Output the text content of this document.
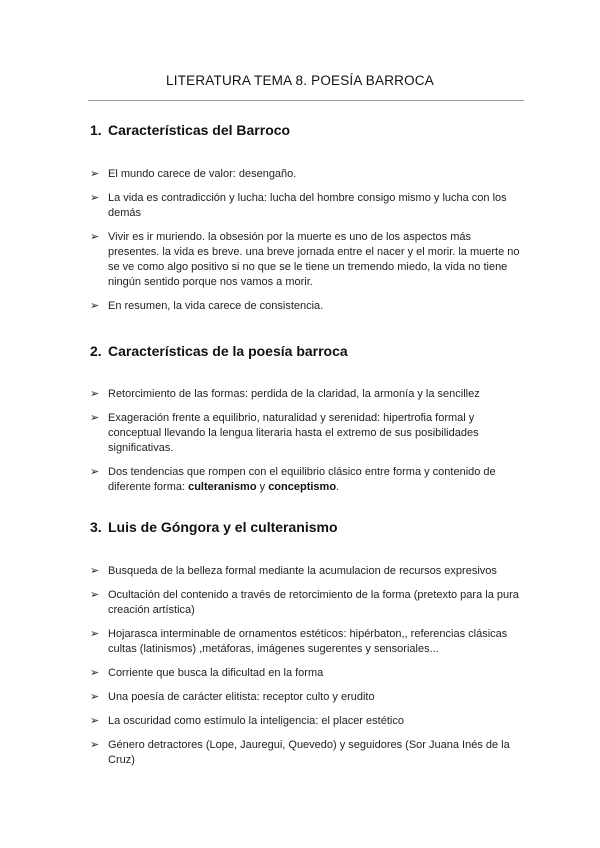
LITERATURA TEMA 8. POESÍA BARROCA
1. Características del Barroco
➢ El mundo carece de valor: desengaño.
➢ La vida es contradicción y lucha: lucha del hombre consigo mismo y lucha con los demás
➢ Vivir es ir muriendo. la obsesión por la muerte es uno de los aspectos más presentes. la vida es breve. una breve jornada entre el nacer y el morir. la muerte no se ve como algo positivo si no que se le tiene un tremendo miedo, la vida no tiene ningún sentido porque nos vamos a morir.
➢ En resumen, la vida carece de consistencia.
2. Características de la poesía barroca
➢ Retorcimiento de las formas: perdida de la claridad, la armonía y la sencillez
➢ Exageración frente a equilibrio, naturalidad y serenidad: hipertrofia formal y conceptual llevando la lengua literaria hasta el extremo de sus posibilidades significativas.
➢ Dos tendencias que rompen con el equilibrio clásico entre forma y contenido de diferente forma: culteranismo y conceptismo.
3. Luis de Góngora y el culteranismo
➢ Busqueda de la belleza formal mediante la acumulacion de recursos expresivos
➢ Ocultación del contenido a través de retorcimiento de la forma (pretexto para la pura creación artística)
➢ Hojarasca interminable de ornamentos estéticos: hipérbaton,, referencias clásicas cultas (latinismos) ,metáforas, imágenes sugerentes y sensoriales...
➢ Corriente que busca la dificultad en la forma
➢ Una poesía de carácter elitista: receptor culto y erudito
➢ La oscuridad como estímulo la inteligencia: el placer estético
➢ Género detractores (Lope, Jauregui, Quevedo) y seguidores (Sor Juana Inés de la Cruz)
